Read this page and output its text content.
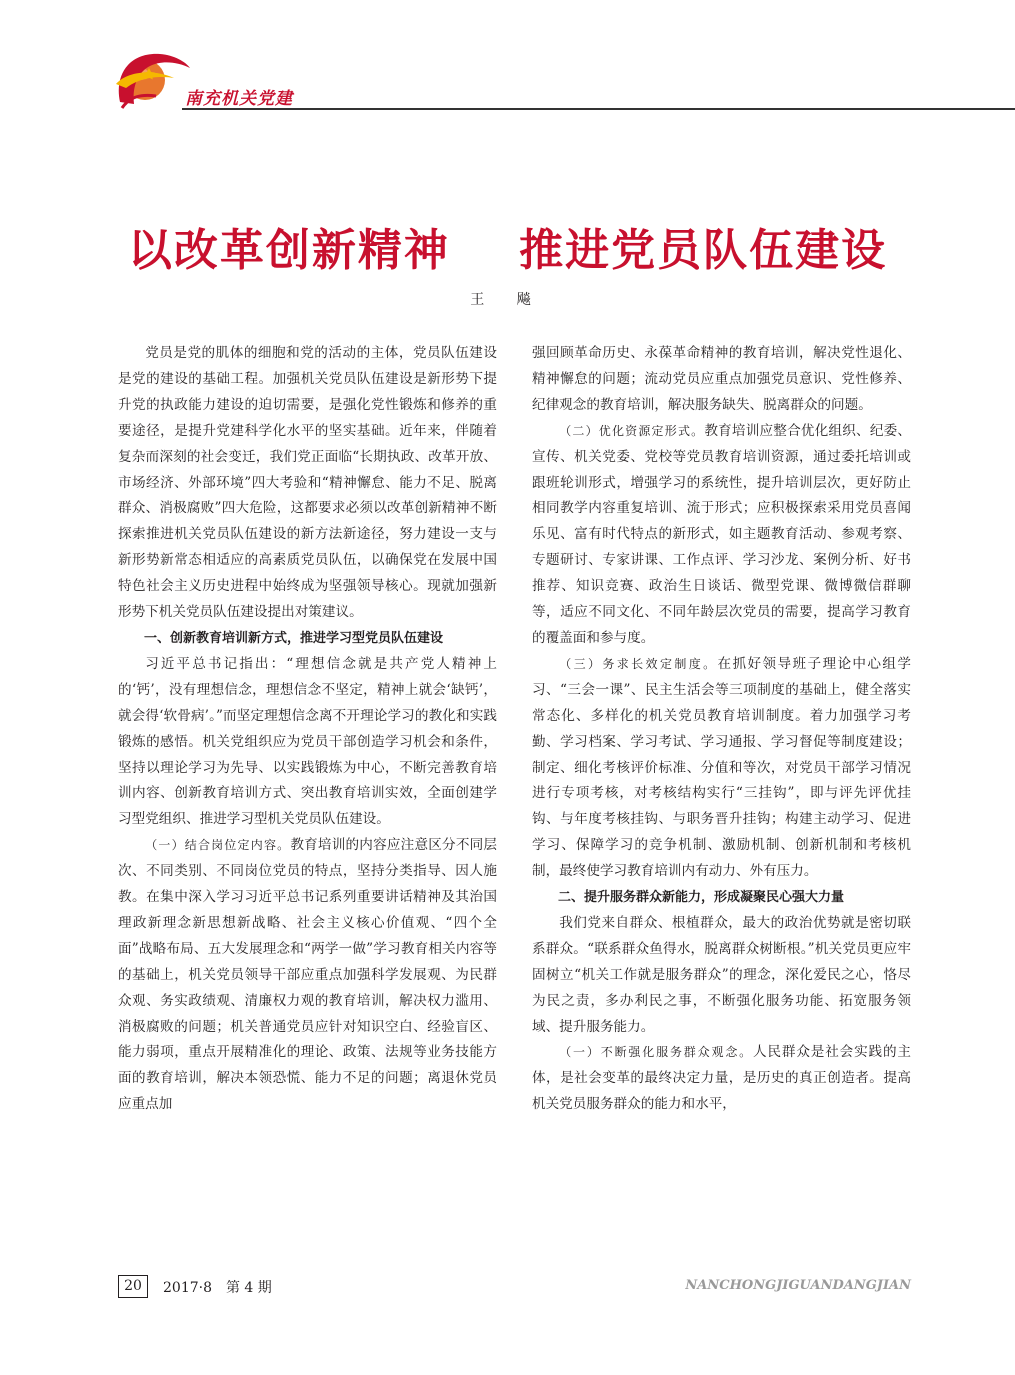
南充机关党建
以改革创新精神    推进党员队伍建设
王 飚

党员是党的肌体的细胞和党的活动的主体，党员队伍建设是党的建设的基础工程。加强机关党员队伍建设是新形势下提升党的执政能力建设的迫切需要，是强化党性锻炼和修养的重要途径，是提升党建科学化水平的坚实基础。近年来，伴随着复杂而深刻的社会变迁，我们党正面临“长期执政、改革开放、市场经济、外部环境”四大考验和“精神懈怠、能力不足、脱离群众、消极腐败”四大危险，这都要求必须以改革创新精神不断探索推进机关党员队伍建设的新方法新途径，努力建设一支与新形势新常态相适应的高素质党员队伍，以确保党在发展中国特色社会主义历史进程中始终成为坚强领导核心。现就加强新形势下机关党员队伍建设提出对策建议。

一、创新教育培训新方式，推进学习型党员队伍建设

习近平总书记指出：“理想信念就是共产党人精神上的‘钙’，没有理想信念，理想信念不坚定，精神上就会‘缺钙’，就会得‘软骨病’。”而坚定理想信念离不开理论学习的教化和实践锻炼的感悟。机关党组织应为党员干部创造学习机会和条件，坚持以理论学习为先导、以实践锻炼为中心，不断完善教育培训内容、创新教育培训方式、突出教育培训实效，全面创建学习型党组织、推进学习型机关党员队伍建设。

（一）结合岗位定内容。教育培训的内容应注意区分不同层次、不同类别、不同岗位党员的特点，坚持分类指导、因人施教。在集中深入学习习近平总书记系列重要讲话精神及其治国理政新理念新思想新战略、社会主义核心价值观、“四个全面”战略布局、五大发展理念和“两学一做”学习教育相关内容等的基础上，机关党员领导干部应重点加强科学发展观、为民群众观、务实政绩观、清廉权力观的教育培训，解决权力滥用、消极腐败的问题；机关普通党员应针对知识空白、经验盲区、能力弱项，重点开展精准化的理论、政策、法规等业务技能方面的教育培训，解决本领恐慌、能力不足的问题；离退休党员应重点加

强回顾革命历史、永葆革命精神的教育培训，解决党性退化、精神懈怠的问题；流动党员应重点加强党员意识、党性修养、纪律观念的教育培训，解决服务缺失、脱离群众的问题。

（二）优化资源定形式。教育培训应整合优化组织、纪委、宣传、机关党委、党校等党员教育培训资源，通过委托培训或跟班轮训形式，增强学习的系统性，提升培训层次，更好防止相同教学内容重复培训、流于形式；应积极探索采用党员喜闻乐见、富有时代特点的新形式，如主题教育活动、参观考察、专题研讨、专家讲课、工作点评、学习沙龙、案例分析、好书推荐、知识竞赛、政治生日谈话、微型党课、微博微信群聊等，适应不同文化、不同年龄层次党员的需要，提高学习教育的覆盖面和参与度。

（三）务求长效定制度。在抓好领导班子理论中心组学习、“三会一课”、民主生活会等三项制度的基础上，健全落实常态化、多样化的机关党员教育培训制度。着力加强学习考勤、学习档案、学习考试、学习通报、学习督促等制度建设；制定、细化考核评价标准、分值和等次，对党员干部学习情况进行专项考核，对考核结构实行“三挂钩”，即与评先评优挂钩、与年度考核挂钩、与职务晋升挂钩；构建主动学习、促进学习、保障学习的竞争机制、激励机制、创新机制和考核机制，最终使学习教育培训内有动力、外有压力。

二、提升服务群众新能力，形成凝聚民心强大力量

我们党来自群众、根植群众，最大的政治优势就是密切联系群众。“联系群众鱼得水，脱离群众树断根。”机关党员更应牢固树立“机关工作就是服务群众”的理念，深化爱民之心，恪尽为民之责，多办利民之事，不断强化服务功能、拓宽服务领域、提升服务能力。

（一）不断强化服务群众观念。人民群众是社会实践的主体，是社会变革的最终决定力量，是历史的真正创造者。提高机关党员服务群众的能力和水平，

20	2017·8　第 4 期	NANCHONGJIGUANDANGJIAN
